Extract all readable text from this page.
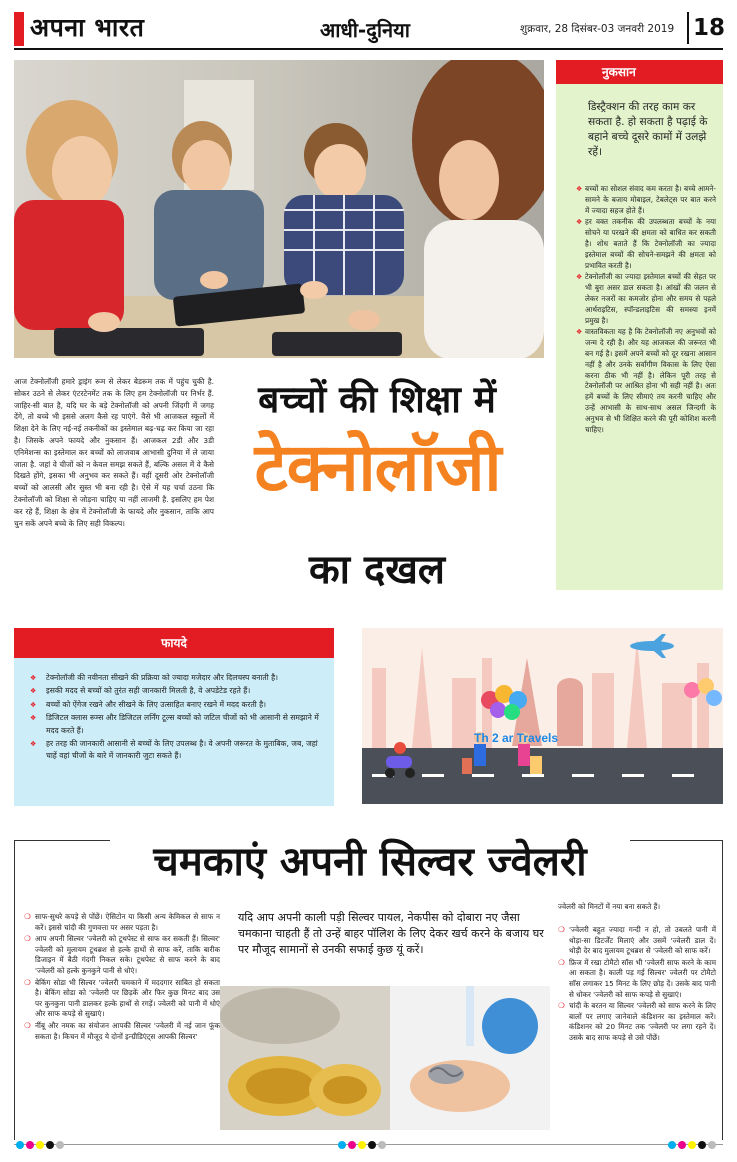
अपना भारत	आधी-दुनिया	शुक्रवार, 28 दिसंबर-03 जनवरी 2019 18
आज टेक्नोलॉजी हमारे ड्राइंग रूम से लेकर बेडरूम तक में पहुंच चुकी है. सोकर उठने से लेकर एंटरटेनमेंट तक के लिए हम टेक्नोलॉजी पर निर्भर हैं. जाहिर-सी बात है, यदि घर के बड़े टेक्नोलॉजी को अपनी जिंदगी में जगह देंगे, तो बच्चे भी इससे अलग कैसे रह पाएंगे. वैसे भी आजकल स्कूलों में शिक्षा देने के लिए नई-नई तकनीकों का इस्तेमाल बढ़-चढ़ कर किया जा रहा है। जिसके अपने फायदे और नुकसान हैं। आजकल 2डी और 3डी एनिमेशन्स का इस्तेमाल कर बच्चों को लाजवाब आभासी दुनिया में ले जाया जाता है. जहां वे चीजों को न केवल समझ सकते हैं, बल्कि असल में वे कैसे दिखते होंगे, इसका भी अनुभव कर सकते हैं। वहीं दूसरी ओर टेक्नोलॉजी बच्चों को आलसी और सुस्त भी बना रही है। ऐसे में यह चर्चा उठना कि टेक्नोलॉजी को शिक्षा से जोड़ना चाहिए या नहीं लाजमी है. इसलिए हम पेश कर रहे हैं, शिक्षा के क्षेत्र में टेक्नोलॉजी के फायदे और नुकसान, ताकि आप चुन सकें अपने बच्चे के लिए सही विकल्प।
बच्चों की शिक्षा में
टेक्नोलॉजी
का दखल
नुकसान
डिस्ट्रैक्शन की तरह काम कर सकता है. हो सकता है पढ़ाई के बहाने बच्चे दूसरे कामों में उलझे रहें।
❖ बच्चों का सोशल संवाद कम करता है। बच्चे आमने-सामने के बजाय मोबाइल, टेबलेट्स पर बात करने में ज्यादा सहज होते हैं।
❖ हर वक्त तकनीक की उपलब्धता बच्चों के नया सोचने या परखने की क्षमता को बाधित कर सकती है। शोध बताते हैं कि टेक्नोलॉजी का ज्यादा इस्तेमाल बच्चों की सोचने-समझने की क्षमता को प्रभावित करती है।
❖ टेक्नोलॉजी का ज्यादा इस्तेमाल बच्चों की सेहत पर भी बुरा असर डाल सकता है। आंखों की जलन से लेकर नजरों का कमजोर होना और समय से पहले आर्थराइटिस, स्पॉन्डलाइटिस की समस्या इनमें प्रमुख है।
❖ वास्तविकता यह है कि टेक्नोलॉजी नए अनुभवों को जन्म दे रही है। और यह आजकल की जरूरत भी बन गई है। इसमें अपने बच्चों को दूर रखना आसान नहीं है और उनके सर्वांगीण विकास के लिए ऐसा करना ठीक भी नहीं है। लेकिन पूरी तरह से टेक्नोलॉजी पर आश्रित होना भी सही नहीं है। अतः हमें बच्चों के लिए सीमाएं तय करनी चाहिए और उन्हें आभासी के साथ-साथ असल जिन्दगी के अनुभव से भी शिक्षित करने की पूरी कोशिश करनी चाहिए।
फायदे
❖ टेक्नोलॉजी की नवीनता सीखने की प्रक्रिया को ज्यादा मजेदार और दिलचस्प बनाती है।
❖ इसकी मदद से बच्चों को तुरंत सही जानकारी मिलती है, वे अपडेटेड रहते हैं।
❖ बच्चों को ऐंगेज रखने और सीखने के लिए उत्साहित बनाए रखने में मदद करती है।
❖ डिजिटल क्लास रूम्स और डिजिटल लर्निंग टूल्स बच्चों को जटिल चीजों को भी आसानी से समझाने में मदद करते हैं।
❖ हर तरह की जानकारी आसानी से बच्चों के लिए उपलब्ध है। वे अपनी जरूरत के मुताबिक, जब, जहां चाहें वहां चीजों के बारे में जानकारी जुटा सकते हैं।
Th 2 ar Travels
चमकाएं अपनी सिल्वर ज्वेलरी
यदि आप अपनी काली पड़ी सिल्वर पायल, नेकपीस को दोबारा नए जैसा चमकाना चाहती हैं तो उन्हें बाहर पॉलिश के लिए देकर खर्च करने के बजाय घर पर मौजूद सामानों से उनकी सफाई कुछ यूं करें।
❍ साफ-सुथरे कपड़े से पोंछें। ऐसिटोन या किसी अन्य केमिकल से साफ न करें। इससे चांदी की गुणवत्ता पर असर पड़ता है।
❍ आप अपनी सिल्वर 'ज्वेलरी को टूथपेस्ट से साफ कर सकती हैं। सिल्वर' ज्वेलरी को मुलायम टूथब्रश से हल्के हाथों से साफ करें, ताकि बारीक डिजाइन में बैठी गंदगी निकल सके। टूथपेस्ट से साफ करने के बाद 'ज्वेलरी को हल्के कुनकुने पानी से धोएं।
❍ बेकिंग सोडा भी सिल्वर 'ज्वेलरी चमकाने में मददगार साबित हो सकता है। बेकिंग सोडा को 'ज्वेलरी पर छिड़कें और फिर कुछ मिनट बाद उस पर कुनकुना पानी डालकर हल्के हाथों से रगड़ें। ज्वेलरी को पानी में धोएं और साफ कपड़े से सुखाएं।
❍ नींबू और नमक का संयोजन आपकी सिल्वर 'ज्वेलरी में नई जान फूंक सकता है। किचन में मौजूद ये दोनों इन्ग्रीडिएंट्स आपकी सिल्वर'
ज्वेलरी को मिनटों में नया बना सकते हैं।
❍ 'ज्वेलरी बहुत ज्यादा गन्दी न हो, तो उबलते पानी में थोड़ा-सा डिटर्जेंट मिलाएं और उसमें 'ज्वेलरी डाल दें। थोड़ी देर बाद मुलायम टूथब्रश से 'ज्वेलरी को साफ करें।
❍ फ्रिज में रखा टोमैटो सॉस भी 'ज्वेलरी साफ करने के काम आ सकता है। काली पड़ गई सिल्वर' ज्वेलरी पर टोमैटो सॉस लगाकर 15 मिनट के लिए छोड़ दें। उसके बाद पानी से धोकर 'ज्वेलरी को साफ कपड़े से सुखाएं।
❍ चांदी के बरतन या सिल्वर 'ज्वेलरी को साफ करने के लिए बालों पर लगाए जानेवाले कंडिशनर का इस्तेमाल करें। कंडिशनर को 20 मिनट तक 'ज्वेलरी पर लगा रहने दें। उसके बाद साफ कपड़े से उसे पोंछें।
